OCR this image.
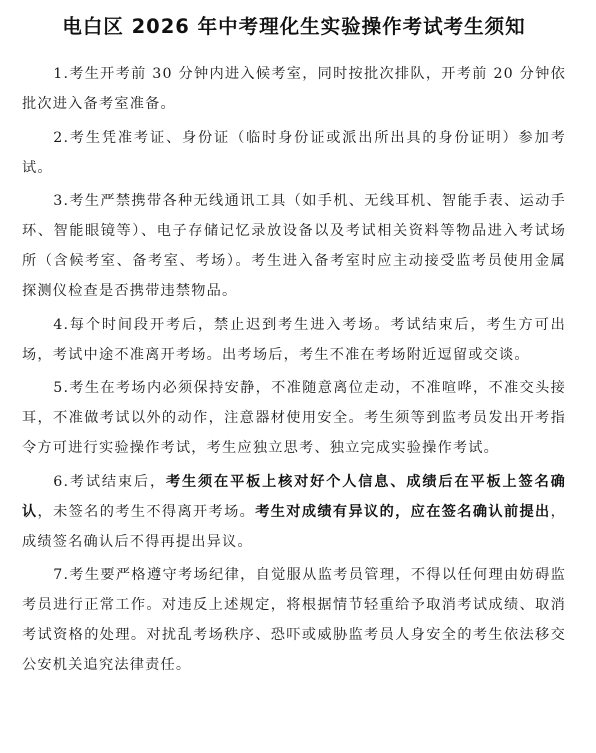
电白区 2026 年中考理化生实验操作考试考生须知
1.考生开考前 30 分钟内进入候考室，同时按批次排队，开考前 20 分钟依批次进入备考室准备。
2.考生凭准考证、身份证（临时身份证或派出所出具的身份证明）参加考试。
3.考生严禁携带各种无线通讯工具（如手机、无线耳机、智能手表、运动手环、智能眼镜等）、电子存储记忆录放设备以及考试相关资料等物品进入考试场所（含候考室、备考室、考场）。考生进入备考室时应主动接受监考员使用金属探测仪检查是否携带违禁物品。
4.每个时间段开考后，禁止迟到考生进入考场。考试结束后，考生方可出场，考试中途不准离开考场。出考场后，考生不准在考场附近逗留或交谈。
5.考生在考场内必须保持安静，不准随意离位走动，不准喧哗，不准交头接耳，不准做考试以外的动作，注意器材使用安全。考生须等到监考员发出开考指令方可进行实验操作考试，考生应独立思考、独立完成实验操作考试。
6.考试结束后，考生须在平板上核对好个人信息、成绩后在平板上签名确认，未签名的考生不得离开考场。考生对成绩有异议的，应在签名确认前提出，成绩签名确认后不得再提出异议。
7.考生要严格遵守考场纪律，自觉服从监考员管理，不得以任何理由妨碍监考员进行正常工作。对违反上述规定，将根据情节轻重给予取消考试成绩、取消考试资格的处理。对扰乱考场秩序、恐吓或威胁监考员人身安全的考生依法移交公安机关追究法律责任。
